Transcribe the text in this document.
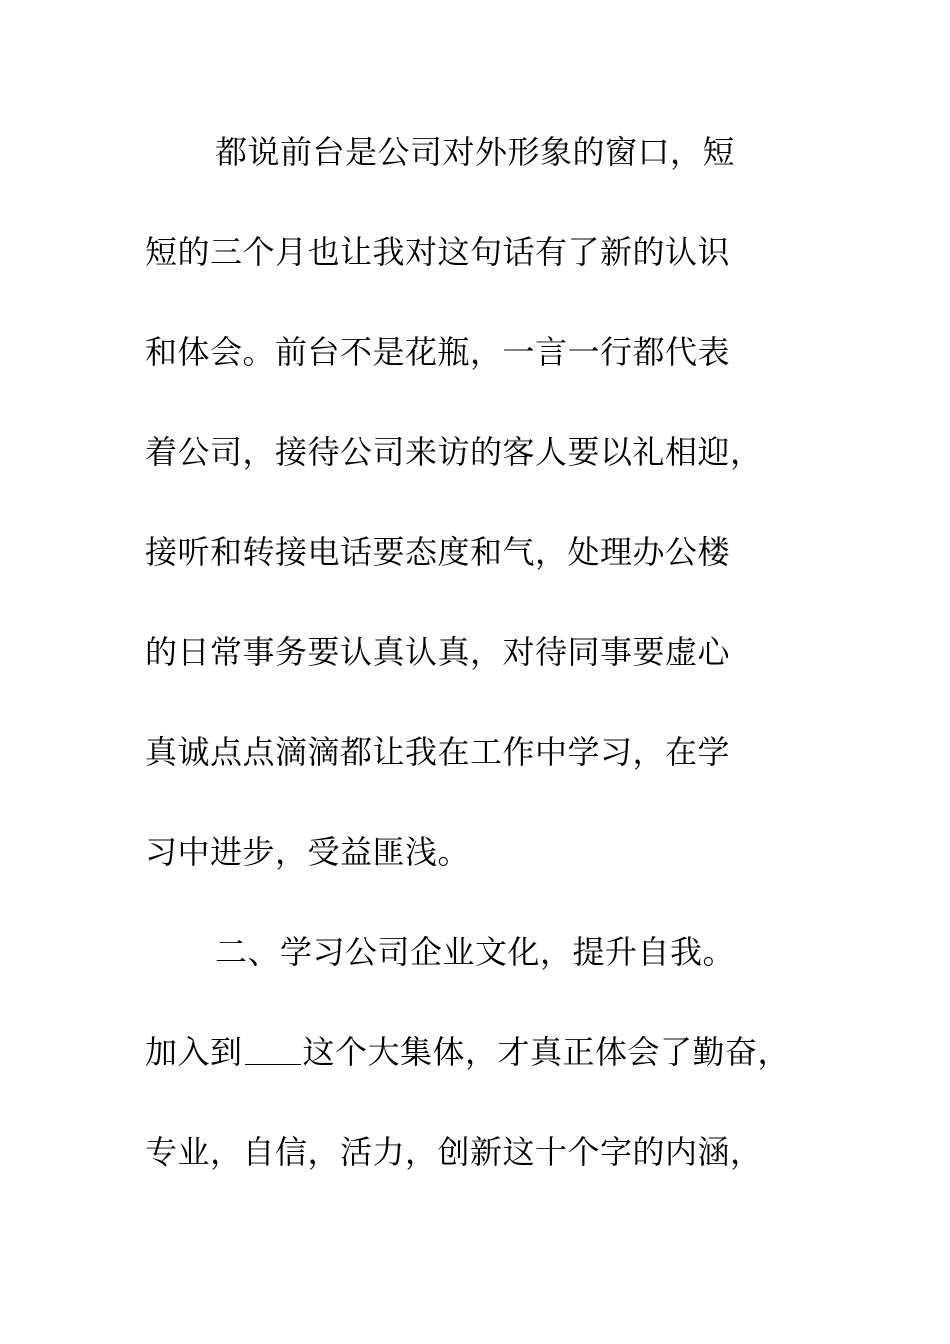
都说前台是公司对外形象的窗口，短
短的三个月也让我对这句话有了新的认识
和体会。前台不是花瓶，一言一行都代表
着公司，接待公司来访的客人要以礼相迎，
接听和转接电话要态度和气，处理办公楼
的日常事务要认真认真，对待同事要虚心
真诚点点滴滴都让我在工作中学习，在学
习中进步，受益匪浅。
二、学习公司企业文化，提升自我。
加入到 这个大集体，才真正体会了勤奋，
专业，自信，活力，创新这十个字的内涵，
